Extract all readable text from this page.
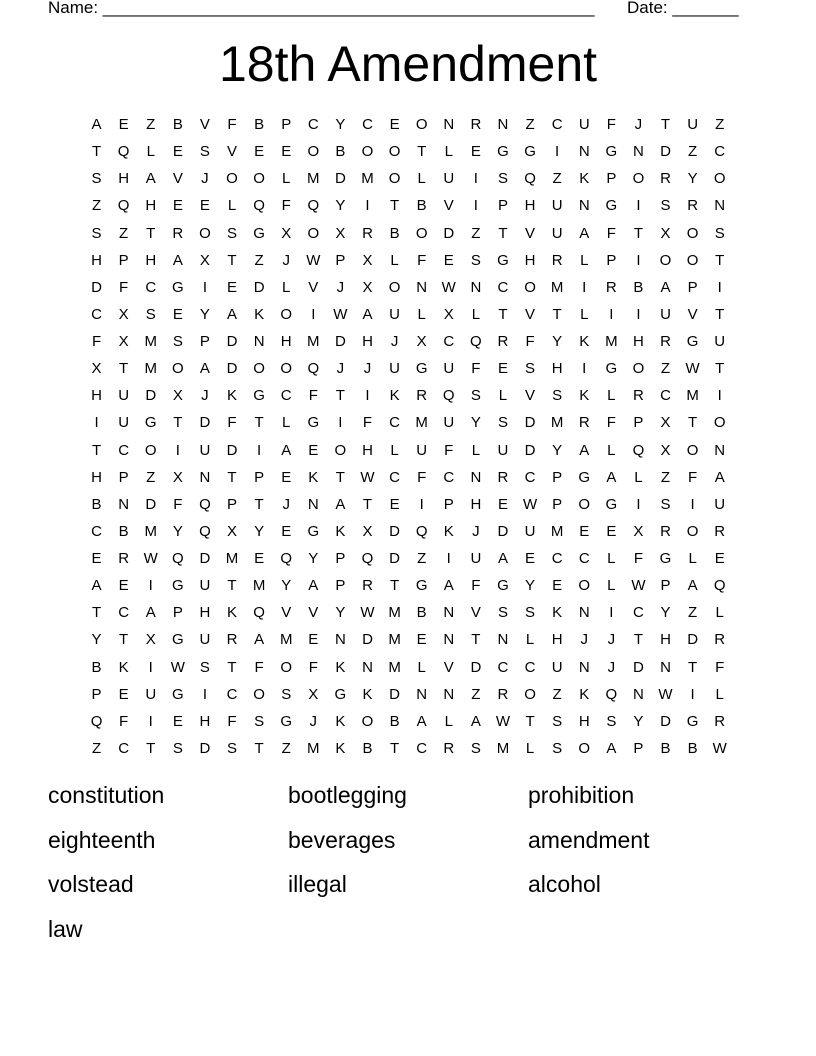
Name: ____________________________________________________ Date: _______
18th Amendment
A	E	Z	B	V	F	B	P	C	Y	C	E	O	N	R	N	Z	C	U	F	J	T	U	Z
T	Q	L	E	S	V	E	E	O	B	O	O	T	L	E	G	G	I	N	G	N	D	Z	C
S	H	A	V	J	O	O	L	M	D	M	O	L	U	I	S	Q	Z	K	P	O	R	Y	O
Z	Q	H	E	E	L	Q	F	Q	Y	I	T	B	V	I	P	H	U	N	G	I	S	R	N
S	Z	T	R	O	S	G	X	O	X	R	B	O	D	Z	T	V	U	A	F	T	X	O	S
H	P	H	A	X	T	Z	J	W	P	X	L	F	E	S	G	H	R	L	P	I	O	O	T
D	F	C	G	I	E	D	L	V	J	X	O	N W N	C	O	M	I	R	B	A	P	I
C	X	S	E	Y	A	K	O	I	W	A	U	L	X	L	T	V	T	L	I	I	U	V	T
F	X	M	S	P	D	N	H	M	D	H	J	X	C	Q	R	F	Y	K	M	H	R	G	U
X	T	M	O	A	D	O	O	Q	J	J	U	G	U	F	E	S	H	I	G	O	Z	W	T
H	U	D	X	J	K	G	C	F	T	I	K	R	Q	S	L	V	S	K	L	R	C	M	I
I	U	G	T	D	F	T	L	G	I	F	C	M	U	Y	S	D	M	R	F	P	X	T	O
T	C	O	I	U	D	I	A	E	O	H	L	U	F	L	U	D	Y	A	L	Q	X	O	N
H	P	Z	X	N	T	P	E	K	T	W C	F	C	N	R	C	P	G	A	L	Z	F	A
B	N	D	F	Q	P	T	J	N	A	T	E	I	P	H	E	W	P	O	G	I	S	I	U
C	B	M	Y	Q	X	Y	E	G	K	X	D	Q	K	J	D	U	M	E	E	X	R	O	R
E	R W Q	D	M	E	Q	Y	P	Q	D	Z	I	U	A	E	C	C	L	F	G	L	E
A	E	I	G	U	T	M	Y	A	P	R	T	G	A	F	G	Y	E	O	L	W	P	A	Q
T	C	A	P	H	K	Q	V	V	Y	W M	B	N	V	S	S	K	N	I	C	Y	Z	L
Y	T	X	G	U	R	A	M	E	N	D	M	E	N	T	N	L	H	J	J	T	H	D	R
B	K	I	W	S	T	F	O	F	K	N	M	L	V	D	C	C	U	N	J	D	N	T	F
P	E	U	G	I	C	O	S	X	G	K	D	N	N	Z	R	O	Z	K	Q	N W	I	L
Q	F	I	E	H	F	S	G	J	K	O	B	A	L	A	W	T	S	H	S	Y	D	G	R
Z	C	T	S	D	S	T	Z	M	K	B	T	C	R	S	M	L	S	O	A	P	B	B	W
constitution	bootlegging	prohibition
eighteenth	beverages	amendment
volstead	illegal	alcohol
law
